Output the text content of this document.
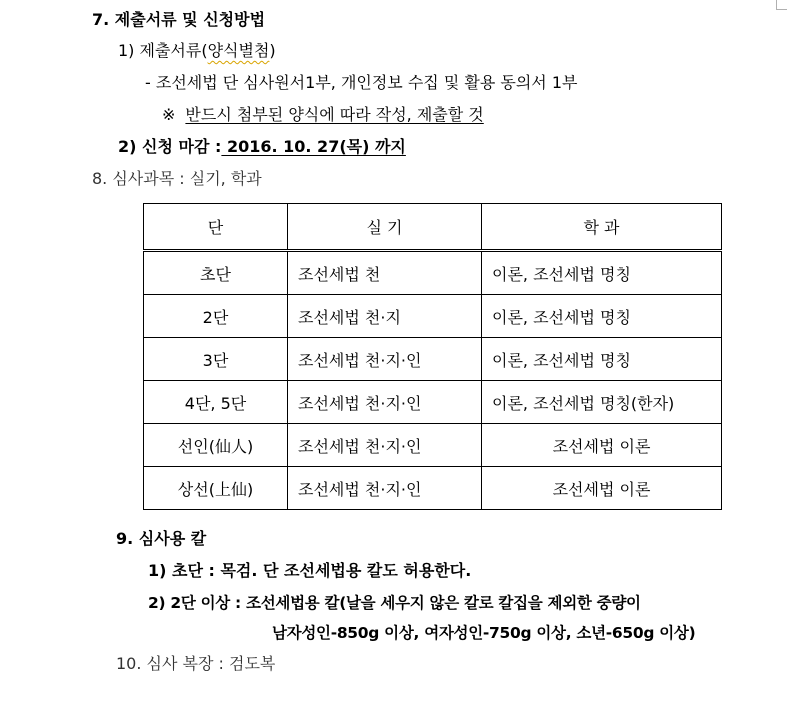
7. 제출서류 및 신청방법
1) 제출서류(양식별첨)
- 조선세법 단 심사원서1부, 개인정보 수집 및 활용 동의서 1부
※ 반드시 첨부된 양식에 따라 작성, 제출할 것
2) 신청 마감 : 2016. 10. 27(목) 까지
8. 심사과목 : 실기, 학과
단	실 기	학 과
초단	조선세법 천	이론, 조선세법 명칭
2단	조선세법 천·지	이론, 조선세법 명칭
3단	조선세법 천·지·인	이론, 조선세법 명칭
4단, 5단	조선세법 천·지·인	이론, 조선세법 명칭(한자)
선인(仙人)	조선세법 천·지·인	조선세법 이론
상선(上仙)	조선세법 천·지·인	조선세법 이론
9. 심사용 칼
1) 초단 : 목검. 단 조선세법용 칼도 허용한다.
2) 2단 이상 : 조선세법용 칼(날을 세우지 않은 칼로 칼집을 제외한 중량이
남자성인-850g 이상, 여자성인-750g 이상, 소년-650g 이상)
10. 심사 복장 : 검도복
